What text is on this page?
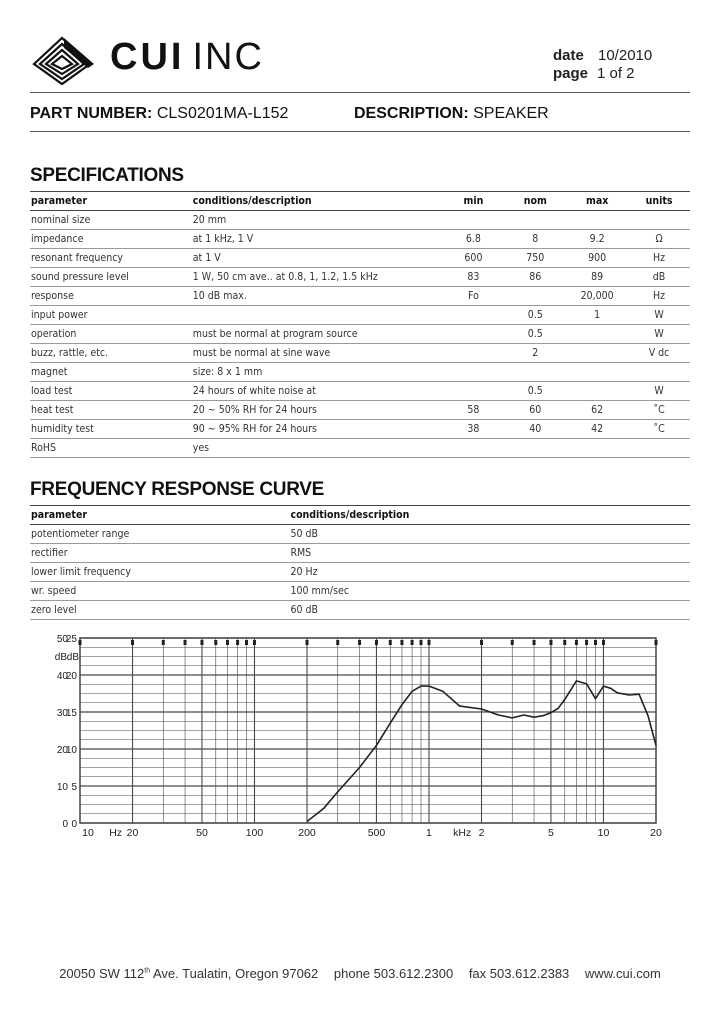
CUI INC	date 10/2010
page 1 of 2
PART NUMBER: CLS0201MA-L152	DESCRIPTION: SPEAKER
SPECIFICATIONS
parameter	conditions/description	min	nom	max	units
nominal size	20 mm				
impedance	at 1 kHz, 1 V	6.8	8	9.2	Ω
resonant frequency	at 1 V	600	750	900	Hz
sound pressure level	1 W, 50 cm ave.. at 0.8, 1, 1.2, 1.5 kHz	83	86	89	dB
response	10 dB max.	Fo		20,000	Hz
input power			0.5	1	W
operation	must be normal at program source		0.5		W
buzz, rattle, etc.	must be normal at sine wave		2		V dc
magnet	size: 8 x 1 mm				
load test	24 hours of white noise at		0.5		W
heat test	20 ~ 50% RH for 24 hours	58	60	62	˚C
humidity test	90 ~ 95% RH for 24 hours	38	40	42	˚C
RoHS	yes				
FREQUENCY RESPONSE CURVE
parameter	conditions/description
potentiometer range	50 dB
rectifier	RMS
lower limit frequency	20 Hz
wr. speed	100 mm/sec
zero level	60 dB
0
10
20
30
40
50
0
5
10
15
20
25
dB dB
10 Hz 20	50	100	200	500	1 kHz 2	5	10	20
20050 SW 112th Ave. Tualatin, Oregon 97062 phone 503.612.2300 fax 503.612.2383 www.cui.com
